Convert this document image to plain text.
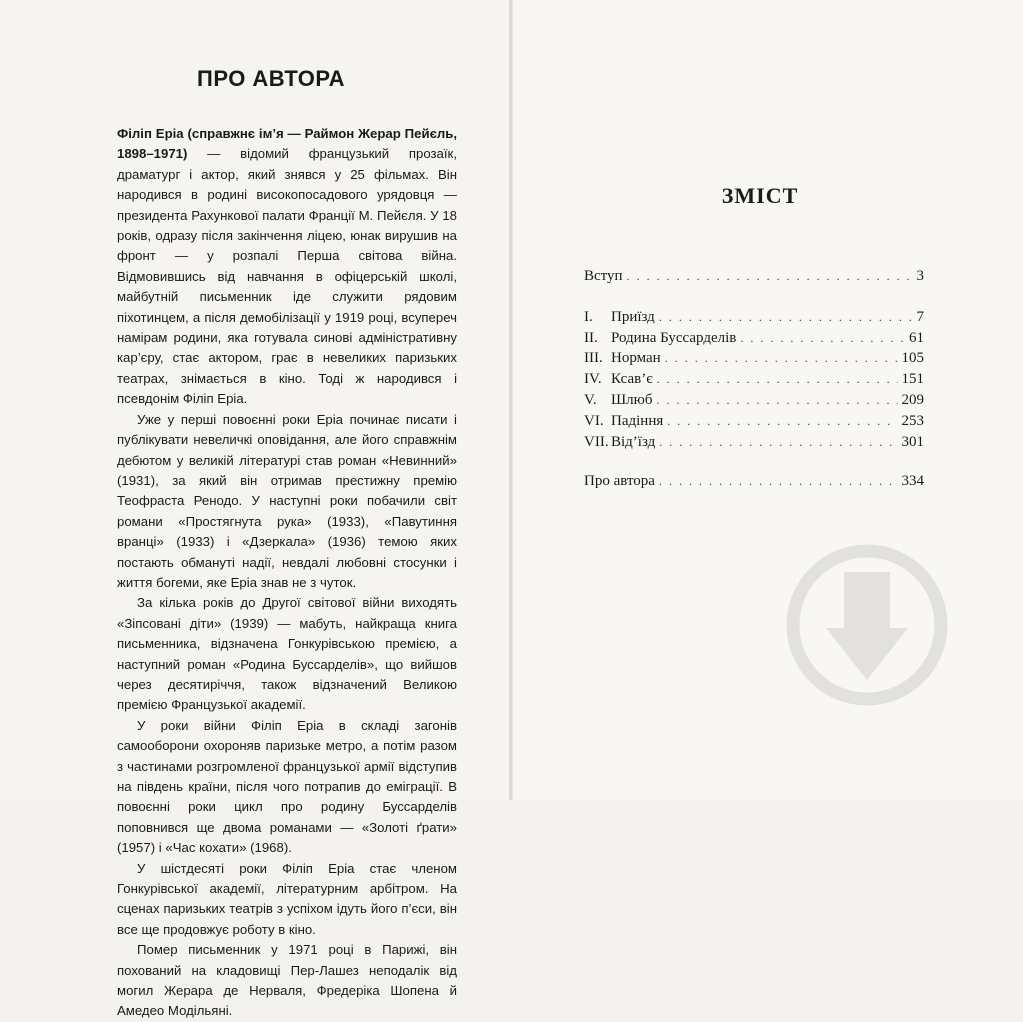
ПРО АВТОРА

Філіп Еріа (справжнє ім’я — Раймон Жерар Пейєль, 1898–1971) — відомий французький прозаїк, драматург і актор, який знявся у 25 фільмах. Він народився в родині високопосадового урядовця — президента Рахункової палати Франції М. Пейєля. У 18 років, одразу після закінчення ліцею, юнак вирушив на фронт — у розпалі Перша світова війна. Відмовившись від навчання в офіцерській школі, майбутній письменник іде служити рядовим піхотинцем, а після демобілізації у 1919 році, всупереч намірам родини, яка готувала синові адміністративну кар’єру, стає актором, грає в невеликих паризьких театрах, знімається в кіно. Тоді ж народився і псевдонім Філіп Еріа.

Уже у перші повоєнні роки Еріа починає писати і публікувати невеличкі оповідання, але його справжнім дебютом у великій літературі став роман «Невинний» (1931), за який він отримав престижну премію Теофраста Ренодо. У наступні роки побачили світ романи «Простягнута рука» (1933), «Павутиння вранці» (1933) і «Дзеркала» (1936) темою яких постають обмануті надії, невдалі любовні стосунки і життя богеми, яке Еріа знав не з чуток.

За кілька років до Другої світової війни виходять «Зіпсовані діти» (1939) — мабуть, найкраща книга письменника, відзначена Гонкурівською премією, а наступний роман «Родина Буссарделів», що вийшов через десятиріччя, також відзначений Великою премією Французької академії.

У роки війни Філіп Еріа в складі загонів самооборони охороняв паризьке метро, а потім разом з частинами розгромленої французької армії відступив на південь країни, після чого потрапив до еміграції. В повоєнні роки цикл про родину Буссарделів поповнився ще двома романами — «Золоті ґрати» (1957) і «Час кохати» (1968).

У шістдесяті роки Філіп Еріа стає членом Гонкурівської академії, літературним арбітром. На сценах паризьких театрів з успіхом ідуть його п’єси, він все ще продовжує роботу в кіно.

Помер письменник у 1971 році в Парижі, він похований на кладовищі Пер-Лашез неподалік від могил Жерара де Нерваля, Фредеріка Шопена й Амедео Модільяні.

ЗМІСТ
Вступ . . .	3
I.	Приїзд . . .	7
II. Родина Буссарделів . . .	61
III. Норман . . .	105
IV. Ксав’є . . .	151
V. Шлюб . . .	209
VI. Падіння . . .	253
VII. Від’їзд . . .	301
Про автора . . .	334
